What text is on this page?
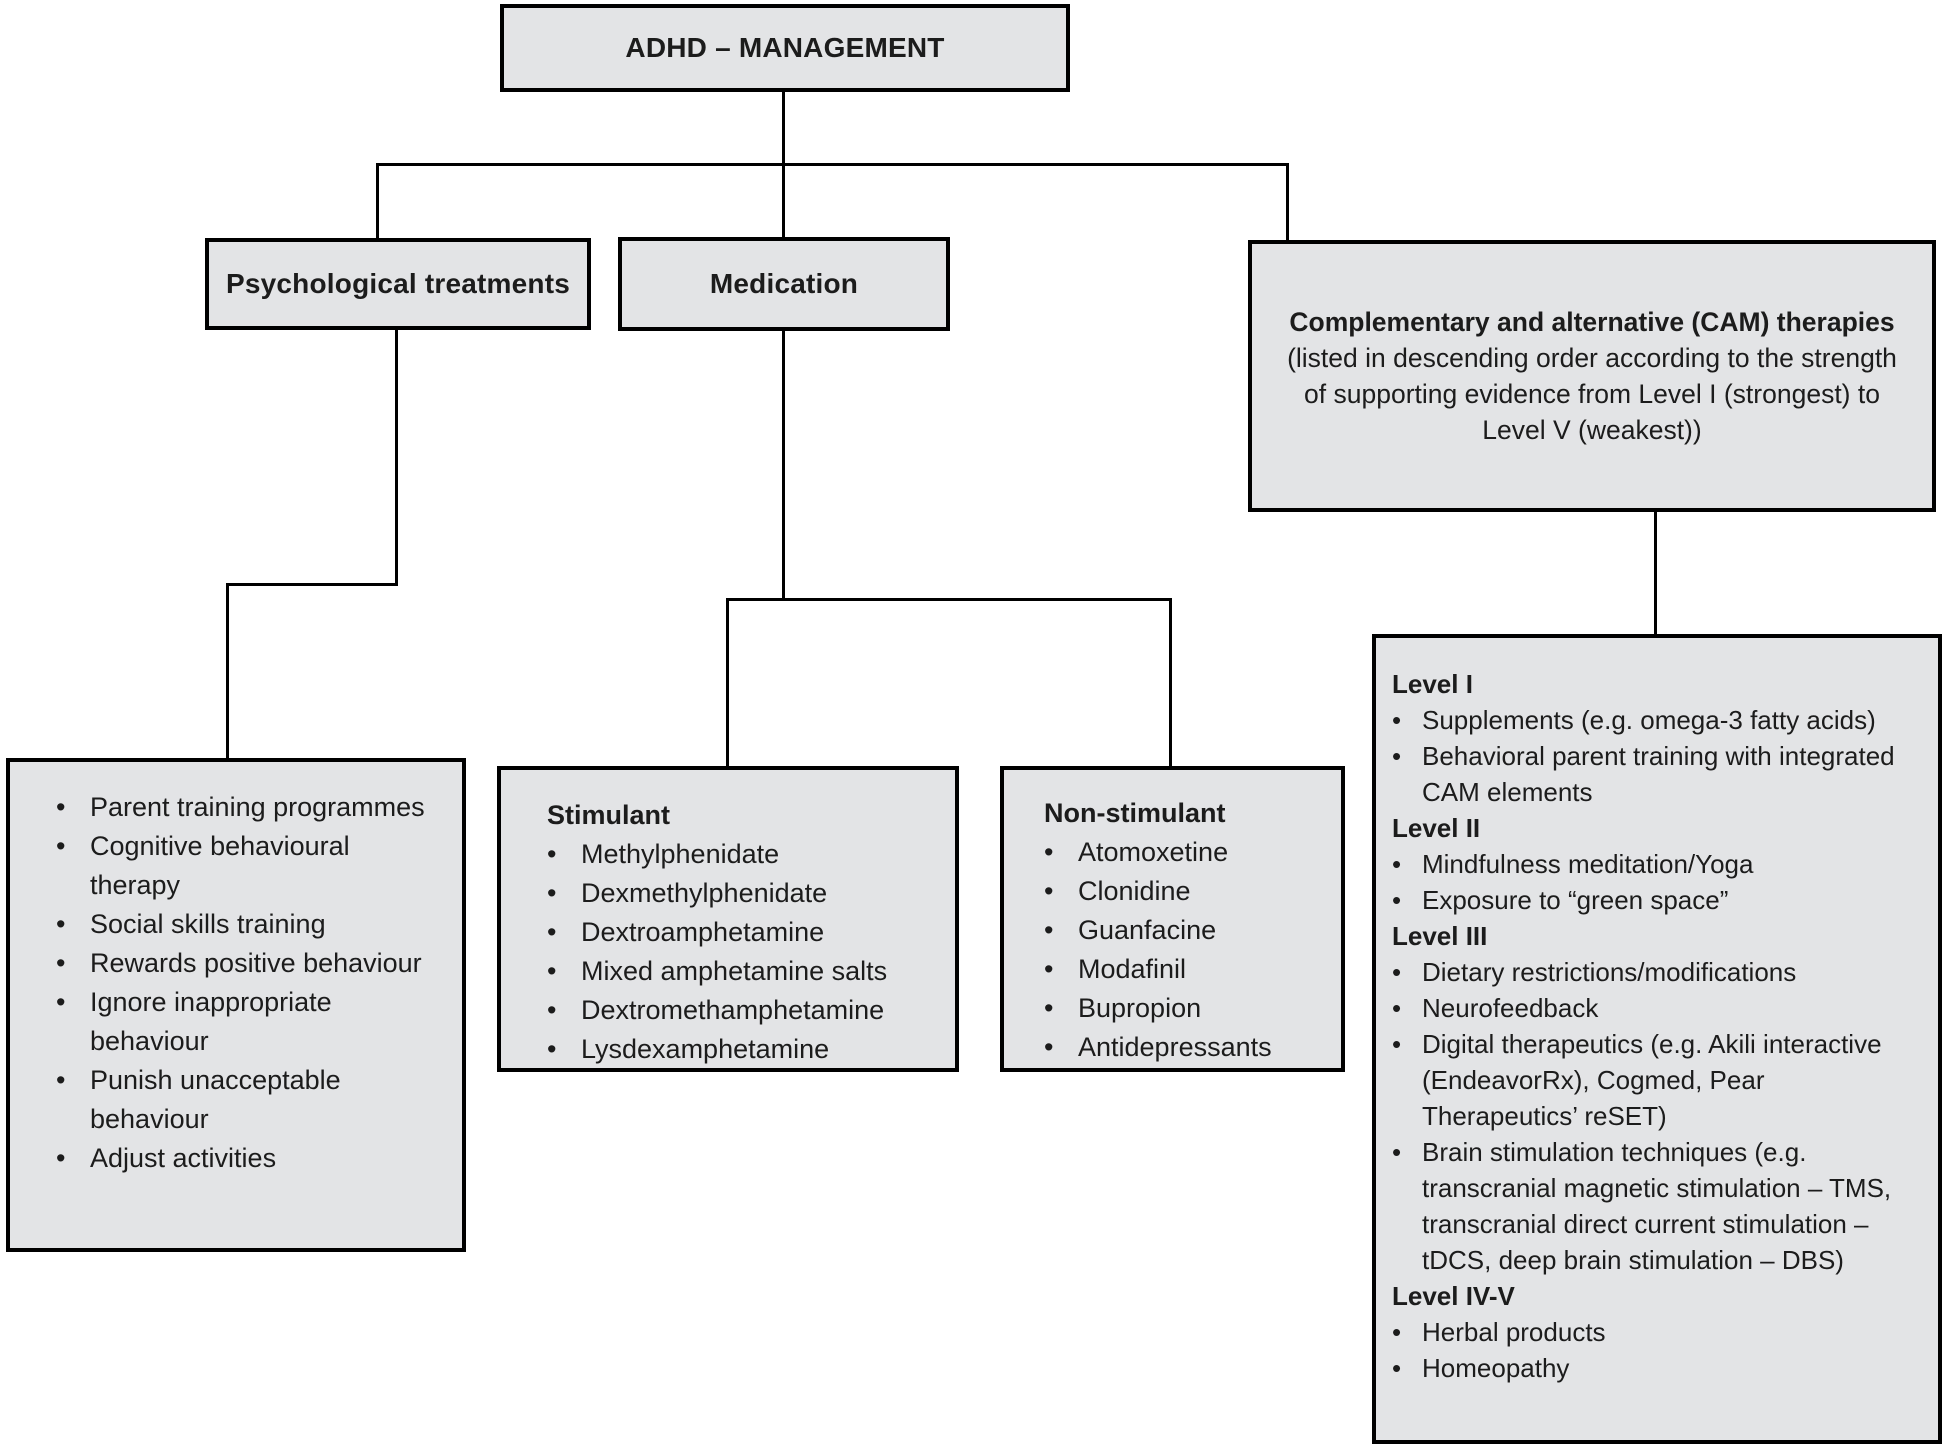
ADHD – MANAGEMENT
Psychological treatments	Medication

Complementary and alternative (CAM) therapies (listed in descending order according to the strength of supporting evidence from Level I (strongest) to Level V (weakest))

• Parent training programmes
• Cognitive behavioural therapy
• Social skills training
• Rewards positive behaviour
• Ignore inappropriate behaviour
• Punish unacceptable behaviour
• Adjust activities
Stimulant
• Methylphenidate
• Dexmethylphenidate
• Dextroamphetamine
• Mixed amphetamine salts
• Dextromethamphetamine
• Lysdexamphetamine
Non-stimulant
• Atomoxetine
• Clonidine
• Guanfacine
• Modafinil
• Bupropion
• Antidepressants
Level I
• Supplements (e.g. omega-3 fatty acids)
• Behavioral parent training with integrated CAM elements
Level II
• Mindfulness meditation/Yoga
• Exposure to “green space”
Level III
• Dietary restrictions/modifications
• Neurofeedback
• Digital therapeutics (e.g. Akili interactive (EndeavorRx), Cogmed, Pear Therapeutics’ reSET)
• Brain stimulation techniques (e.g. transcranial magnetic stimulation – TMS, transcranial direct current stimulation – tDCS, deep brain stimulation – DBS)
Level IV-V
• Herbal products
• Homeopathy
